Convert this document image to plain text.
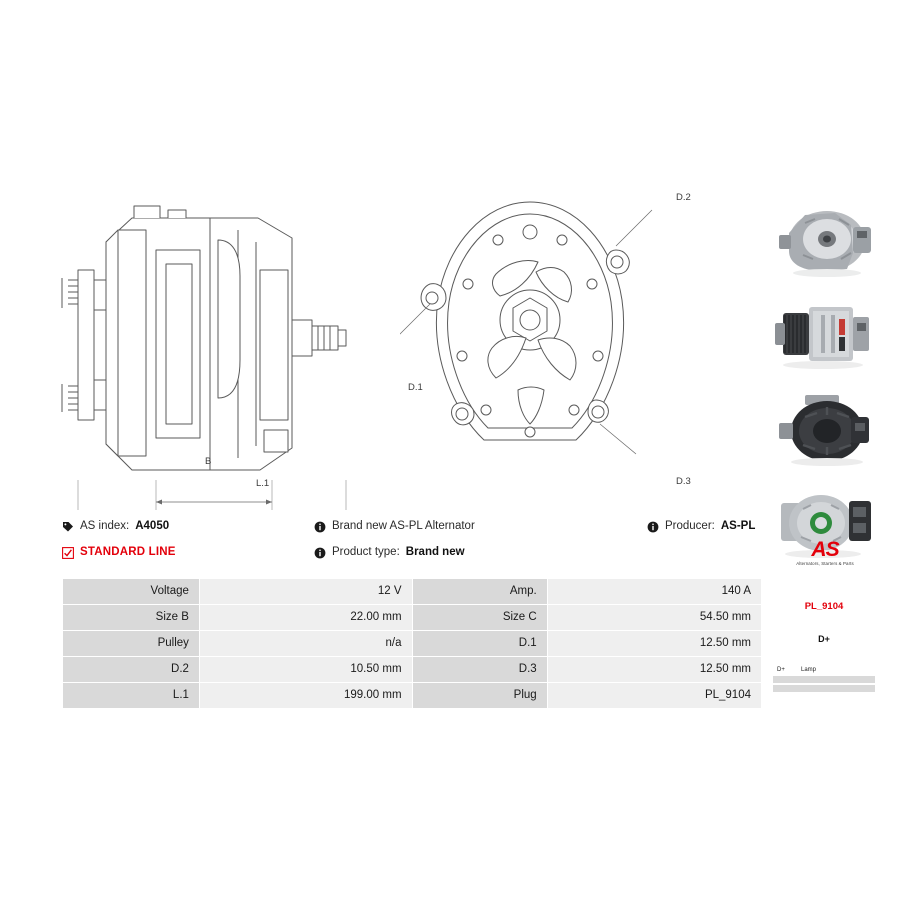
B
L.1
D.2
D.1
D.3
AS index: A4050	Brand new AS-PL Alternator	Producer: AS-PL
STANDARD LINE	Product type: Brand new
Voltage	12 V	Amp.	140 A
Size B	22.00 mm	Size C	54.50 mm
Pulley	n/a	D.1	12.50 mm
D.2	10.50 mm	D.3	12.50 mm
L.1	199.00 mm	Plug	PL_9104
AS
Alternators, Starters & Parts
PL_9104
D+
D+	Lamp
